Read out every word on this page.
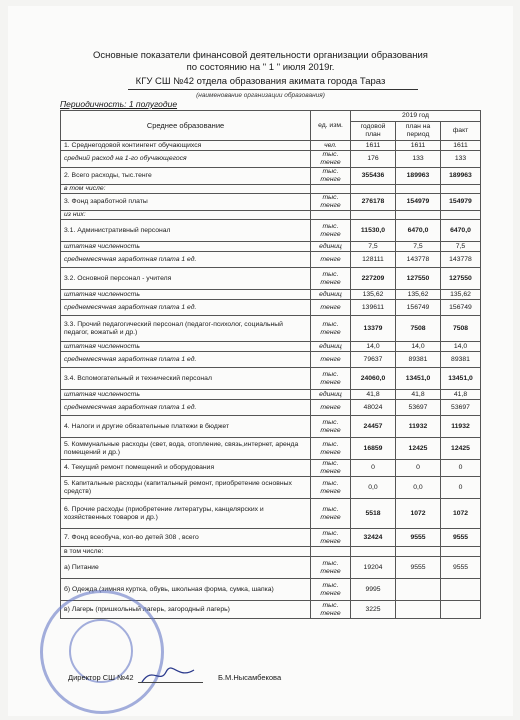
Основные показатели финансовой деятельности организации образования
по состоянию на " 1 " июля 2019г.
КГУ СШ №42 отдела образования акимата города Тараз
(наименование организации образования)
Периодичность: 1 полугодие
Среднее образование	ед. изм.	2019 год		
		годовой план	план на период	факт
1. Среднегодовой контингент обучающихся	чел.	1611	1611	1611
средний расход на 1-го обучающегося	тыс. тенге	176	133	133
2. Всего расходы, тыс.тенге	тыс. тенге	355436	189963	189963
в том числе:				
3. Фонд заработной платы	тыс. тенге	276178	154979	154979
из них:				
3.1. Административный персонал	тыс. тенге	11530,0	6470,0	6470,0
штатная численность	единиц	7,5	7,5	7,5
среднемесячная заработная плата 1 ед.	тенге	128111	143778	143778
3.2. Основной персонал - учителя	тыс. тенге	227209	127550	127550
штатная численность	единиц	135,62	135,62	135,62
среднемесячная заработная плата 1 ед.	тенге	139611	156749	156749
3.3. Прочий педагогический персонал (педагог-психолог, социальный педагог, вожатый и др.)	тыс. тенге	13379	7508	7508
штатная численность	единиц	14,0	14,0	14,0
среднемесячная заработная плата 1 ед.	тенге	79637	89381	89381
3.4. Вспомогательный и технический персонал	тыс. тенге	24060,0	13451,0	13451,0
штатная численность	единиц	41,8	41,8	41,8
среднемесячная заработная плата 1 ед.	тенге	48024	53697	53697
4. Налоги и другие обязательные платежи в бюджет	тыс. тенге	24457	11932	11932
5. Коммунальные расходы (свет, вода, отопление, связь,интернет, аренда помещений и др.)	тыс. тенге	16859	12425	12425
4. Текущий ремонт помещений и оборудования	тыс. тенге	0	0	0
5. Капитальные расходы (капитальный ремонт, приобретение основных средств)	тыс. тенге	0,0	0,0	0
6. Прочие расходы (приобретение литературы, канцелярских и хозяйственных товаров и др.)	тыс. тенге	5518	1072	1072
7. Фонд всеобуча, кол-во детей 308 , всего	тыс. тенге	32424	9555	9555
в том числе:				
а) Питание	тыс. тенге	19204	9555	9555
б) Одежда (зимняя куртка, обувь, школьная форма, сумка, шапка)	тыс. тенге	9995		
в) Лагерь (пришкольный лагерь, загородный лагерь)	тыс. тенге	3225		
Директор СШ №42	Б.М.Нысамбекова
